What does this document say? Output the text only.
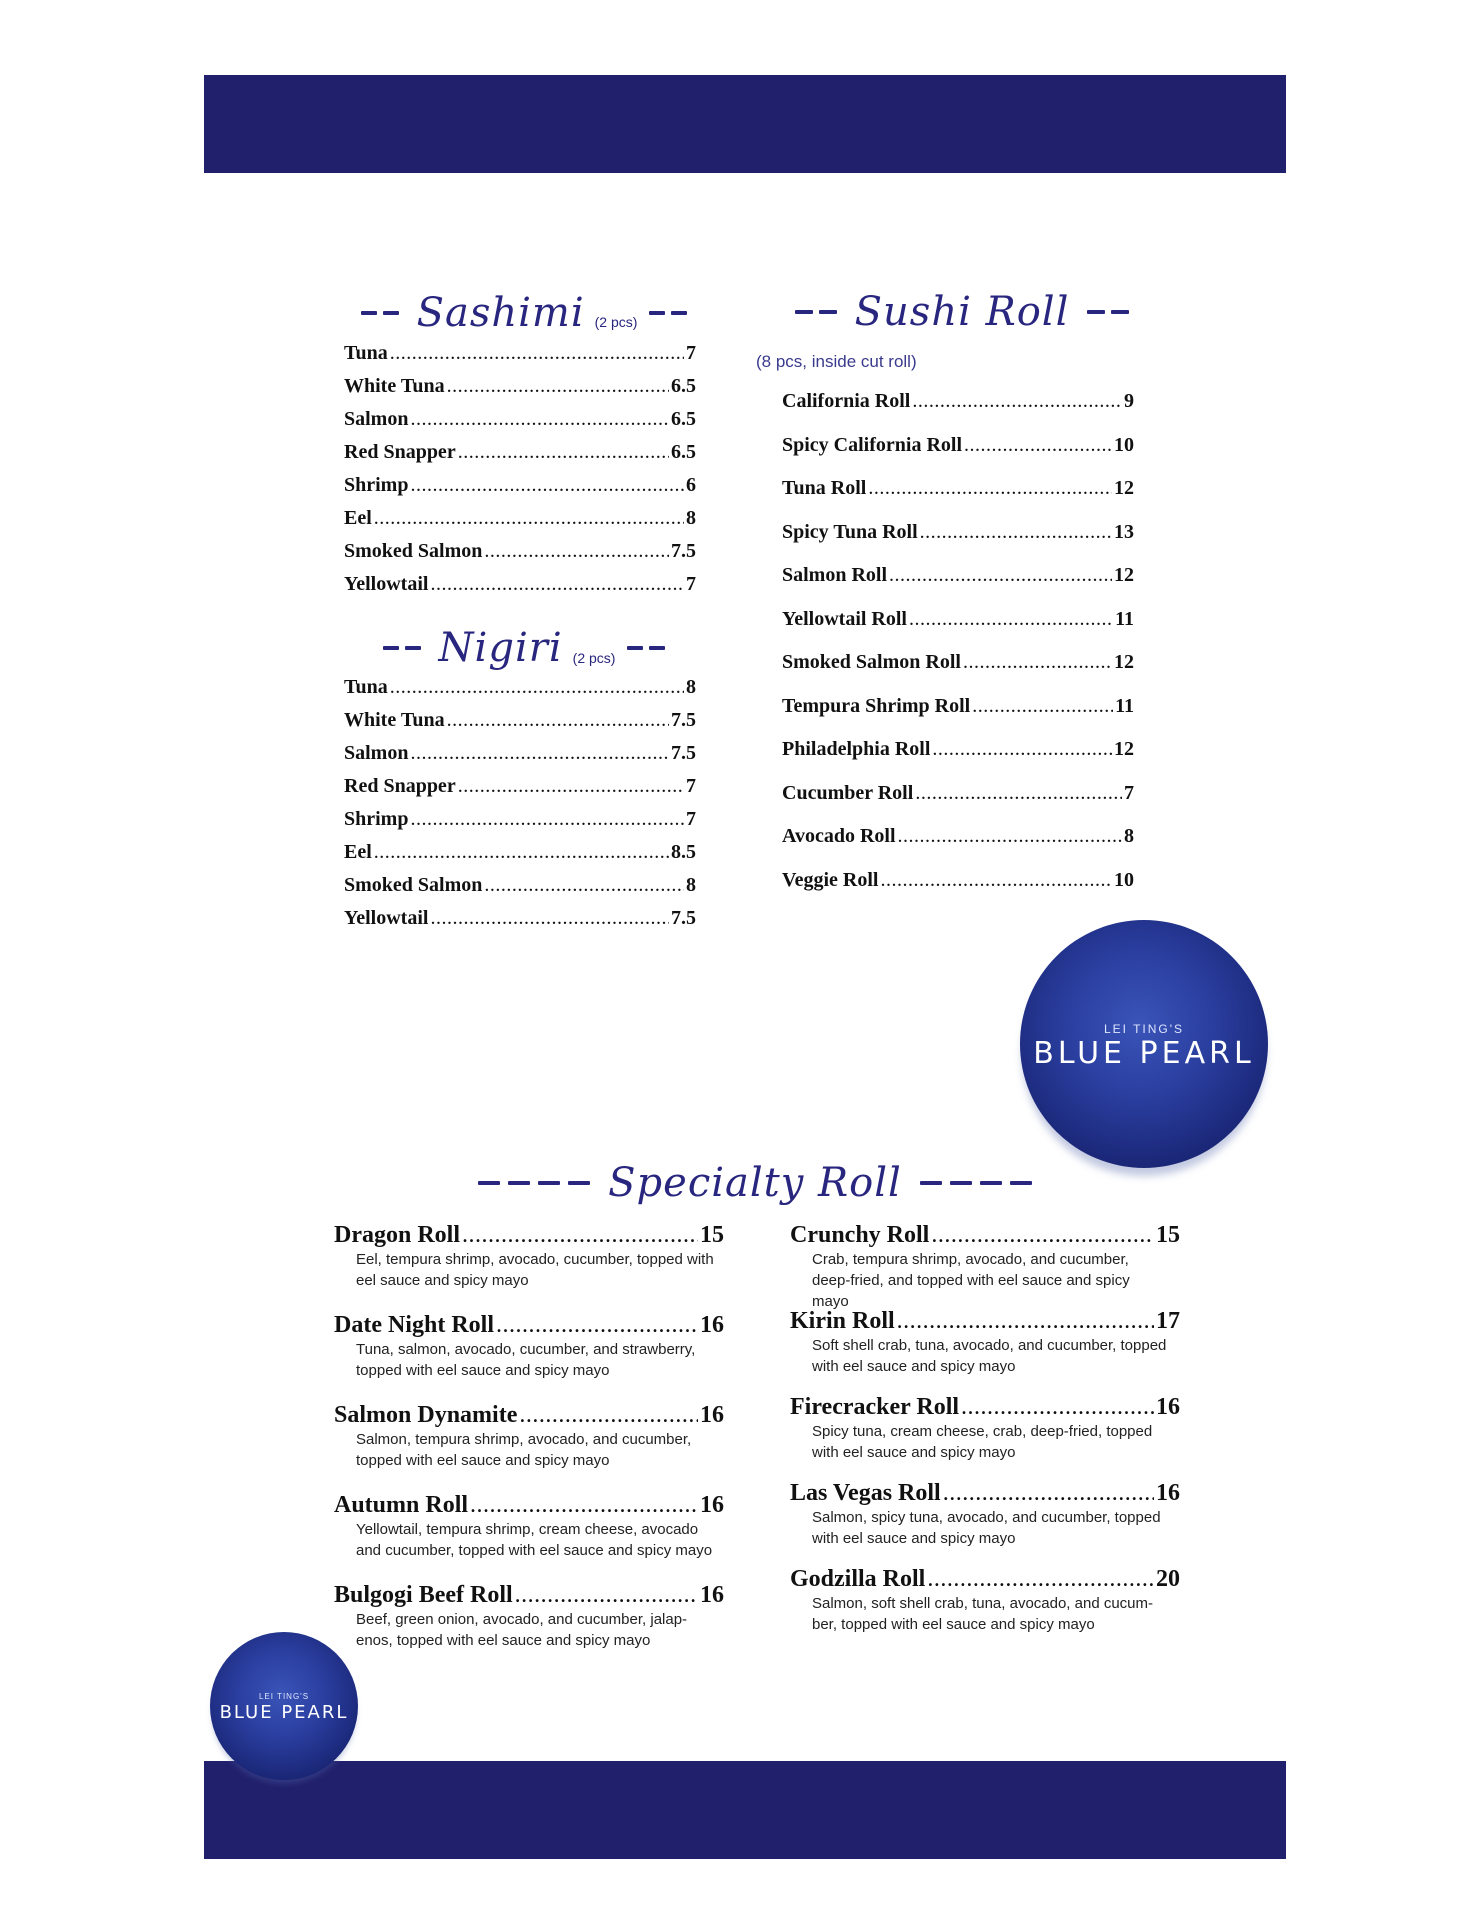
Sashimi (2 pcs)
Tuna .....	7
White Tuna .....	6.5
Salmon .....	6.5
Red Snapper .....	6.5
Shrimp .....	6
Eel .....	8
Smoked Salmon .....	7.5
Yellowtail .....	7
Nigiri (2 pcs)
Tuna .....	8
White Tuna .....	7.5
Salmon .....	7.5
Red Snapper .....	7
Shrimp .....	7
Eel .....	8.5
Smoked Salmon .....	8
Yellowtail .....	7.5
Sushi Roll
(8 pcs, inside cut roll)
California Roll .....	9
Spicy California Roll .....	10
Tuna Roll .....	12
Spicy Tuna Roll .....	13
Salmon Roll .....	12
Yellowtail Roll .....	11
Smoked Salmon Roll .....	12
Tempura Shrimp Roll .....	11
Philadelphia Roll .....	12
Cucumber Roll .....	7
Avocado Roll .....	8
Veggie Roll .....	10
LEI TING'S
BLUE PEARL
Specialty Roll
Dragon Roll .....	15
Eel, tempura shrimp, avocado, cucumber, topped with eel sauce and spicy mayo
Date Night Roll .....	16
Tuna, salmon, avocado, cucumber, and strawberry, topped with eel sauce and spicy mayo
Salmon Dynamite .....	16
Salmon, tempura shrimp, avocado, and cucumber, topped with eel sauce and spicy mayo
Autumn Roll .....	16
Yellowtail, tempura shrimp, cream cheese, avocado and cucumber, topped with eel sauce and spicy mayo
Bulgogi Beef Roll .....	16
Beef, green onion, avocado, and cucumber, jalap-enos, topped with eel sauce and spicy mayo
Crunchy Roll .....	15
Crab, tempura shrimp, avocado, and cucumber, deep-fried, and topped with eel sauce and spicy mayo
Kirin Roll .....	17
Soft shell crab, tuna, avocado, and cucumber, topped with eel sauce and spicy mayo
Firecracker Roll .....	16
Spicy tuna, cream cheese, crab, deep-fried, topped with eel sauce and spicy mayo
Las Vegas Roll .....	16
Salmon, spicy tuna, avocado, and cucumber, topped with eel sauce and spicy mayo
Godzilla Roll .....	20
Salmon, soft shell crab, tuna, avocado, and cucum-ber, topped with eel sauce and spicy mayo
LEI TING'S
BLUE PEARL
